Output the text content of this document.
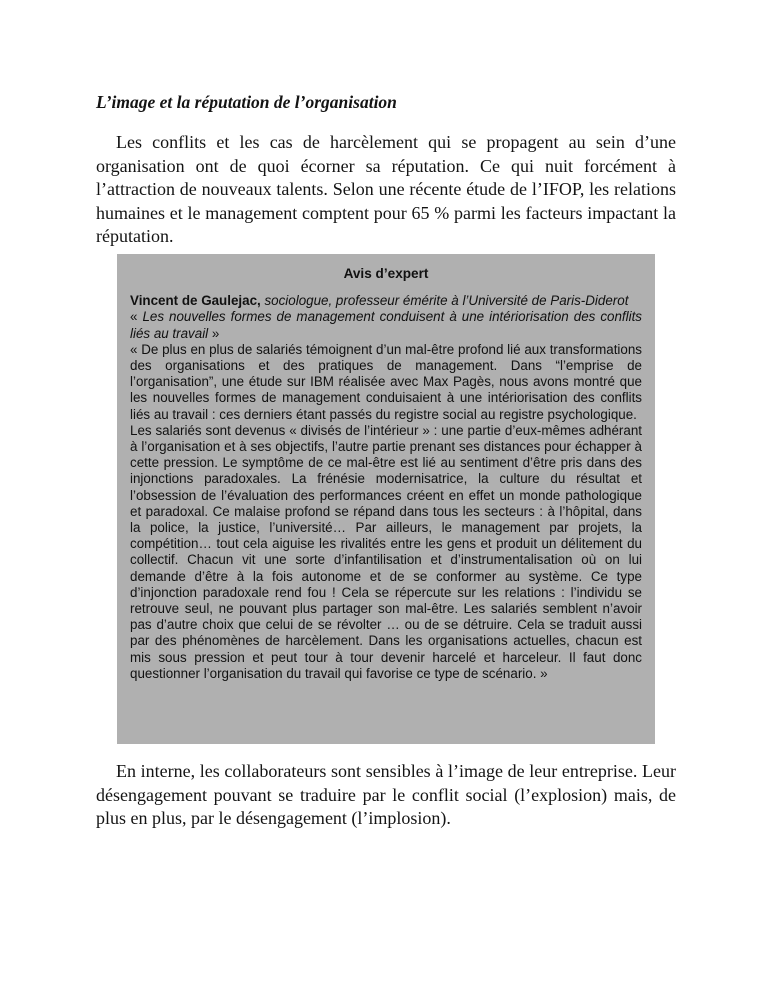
L’image et la réputation de l’organisation

Les conflits et les cas de harcèlement qui se propagent au sein d’une organisation ont de quoi écorner sa réputation. Ce qui nuit forcément à l’attraction de nouveaux talents. Selon une récente étude de l’IFOP, les relations humaines et le management comptent pour 65 % parmi les facteurs impactant la réputation.

Avis d’expert

Vincent de Gaulejac, sociologue, professeur émérite à l’Université de Paris-Diderot

« Les nouvelles formes de management conduisent à une intériorisation des conflits liés au travail »

« De plus en plus de salariés témoignent d’un mal-être profond lié aux transformations des organisations et des pratiques de management. Dans “l’emprise de l’organisation”, une étude sur IBM réalisée avec Max Pagès, nous avons montré que les nouvelles formes de management conduisaient à une intériorisation des conflits liés au travail : ces derniers étant passés du registre social au registre psychologique.

Les salariés sont devenus « divisés de l’intérieur » : une partie d’eux-mêmes adhérant à l’organisation et à ses objectifs, l’autre partie prenant ses distances pour échapper à cette pression. Le symptôme de ce mal-être est lié au sentiment d’être pris dans des injonctions paradoxales. La frénésie modernisatrice, la culture du résultat et l’obsession de l’évaluation des performances créent en effet un monde pathologique et paradoxal. Ce malaise profond se répand dans tous les secteurs : à l’hôpital, dans la police, la justice, l’université… Par ailleurs, le management par projets, la compétition… tout cela aiguise les rivalités entre les gens et produit un délitement du collectif. Chacun vit une sorte d’infantilisation et d’instrumentalisation où on lui demande d’être à la fois autonome et de se conformer au système. Ce type d’injonction paradoxale rend fou ! Cela se répercute sur les relations : l’individu se retrouve seul, ne pouvant plus partager son mal-être. Les salariés semblent n’avoir pas d’autre choix que celui de se révolter … ou de se détruire. Cela se traduit aussi par des phénomènes de harcèlement. Dans les organisations actuelles, chacun est mis sous pression et peut tour à tour devenir harcelé et harceleur. Il faut donc questionner l’organisation du travail qui favorise ce type de scénario. »

En interne, les collaborateurs sont sensibles à l’image de leur entreprise. Leur désengagement pouvant se traduire par le conflit social (l’explosion) mais, de plus en plus, par le désengagement (l’implosion).
